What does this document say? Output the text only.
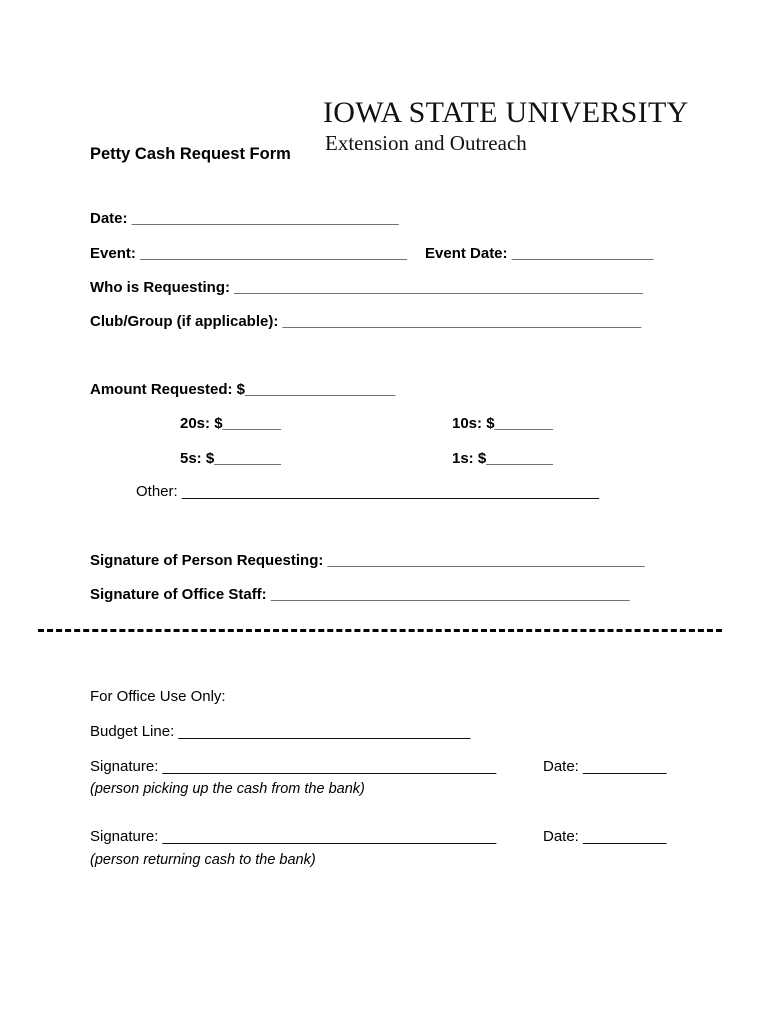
IOWA STATE UNIVERSITY
Extension and Outreach
Petty Cash Request Form
Date: ________________________________
Event: ________________________________ Event Date: _________________
Who is Requesting: _________________________________________________
Club/Group (if applicable): ___________________________________________
Amount Requested: $__________________
20s: $_______	10s: $_______
5s: $________	1s: $________
Other: __________________________________________________
Signature of Person Requesting: ______________________________________
Signature of Office Staff: ___________________________________________
For Office Use Only:
Budget Line: ___________________________________
Signature: ________________________________________	Date: __________
(person picking up the cash from the bank)
Signature: ________________________________________	Date: __________
(person returning cash to the bank)
